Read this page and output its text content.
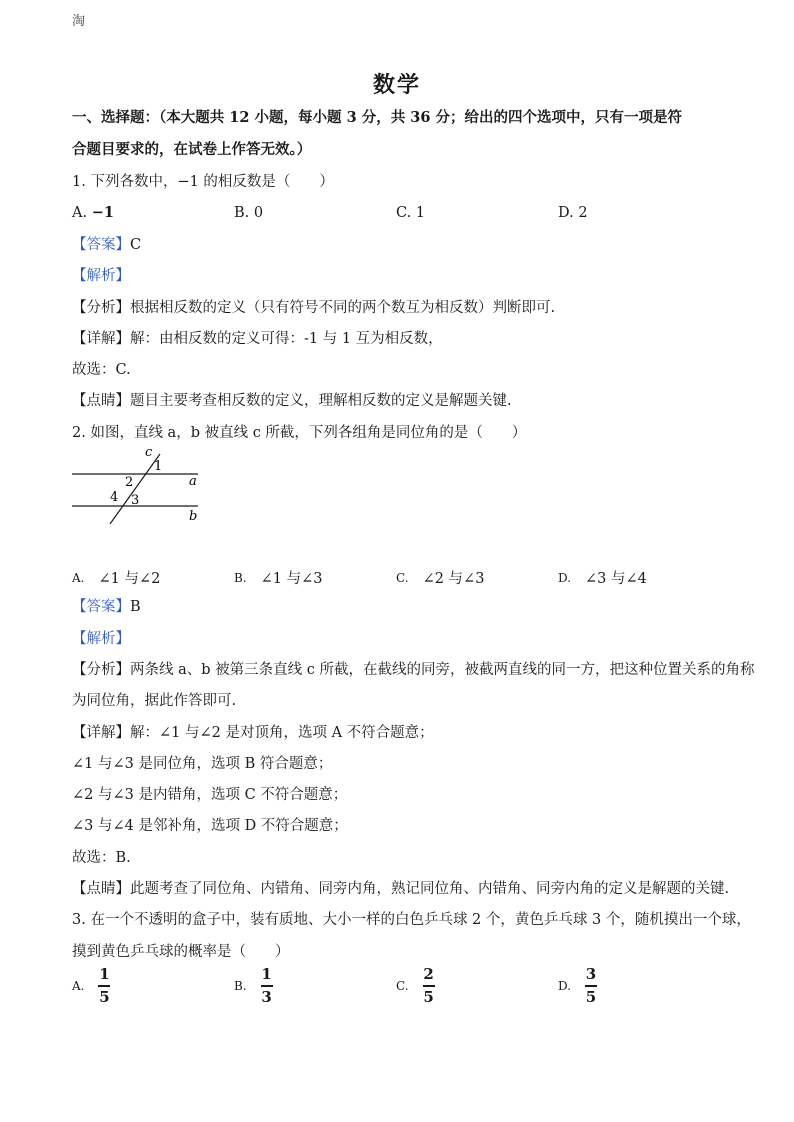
淘
数学
一、选择题：（本大题共 12 小题，每小题 3 分，共 36 分；给出的四个选项中，只有一项是符
合题目要求的，在试卷上作答无效。）
1. 下列各数中，−1 的相反数是（　　）
A.
−1	B.
0	C.
1	D.
2
【答案】C
【解析】
【分析】根据相反数的定义（只有符号不同的两个数互为相反数）判断即可.
【详解】解：由相反数的定义可得：-1 与 1 互为相反数，
故选：C.
【点睛】题目主要考查相反数的定义，理解相反数的定义是解题关键.
2. 如图，直线 a，b 被直线 c 所截，下列各组角是同位角的是（　　）
c
1
a
2
4 3
b
A. ∠1 与∠2	B. ∠1 与∠3	C. ∠2 与∠3	D. ∠3 与∠4
【答案】B
【解析】
【分析】两条线 a、b 被第三条直线 c 所截，在截线的同旁，被截两直线的同一方，把这种位置关系的角称
为同位角，据此作答即可.
【详解】解：∠1 与∠2 是对顶角，选项 A 不符合题意；
∠1 与∠3 是同位角，选项 B 符合题意；
∠2 与∠3 是内错角，选项 C 不符合题意；
∠3 与∠4 是邻补角，选项 D 不符合题意；
故选：B.
【点睛】此题考查了同位角、内错角、同旁内角，熟记同位角、内错角、同旁内角的定义是解题的关键.
3. 在一个不透明的盒子中，装有质地、大小一样的白色乒乓球 2 个，黄色乒乓球 3 个，随机摸出一个球，
摸到黄色乒乓球的概率是（　　）
A. $\frac{1}{5}$	B. $\frac{1}{3}$	C. $\frac{2}{5}$	D. $\frac{3}{5}$
